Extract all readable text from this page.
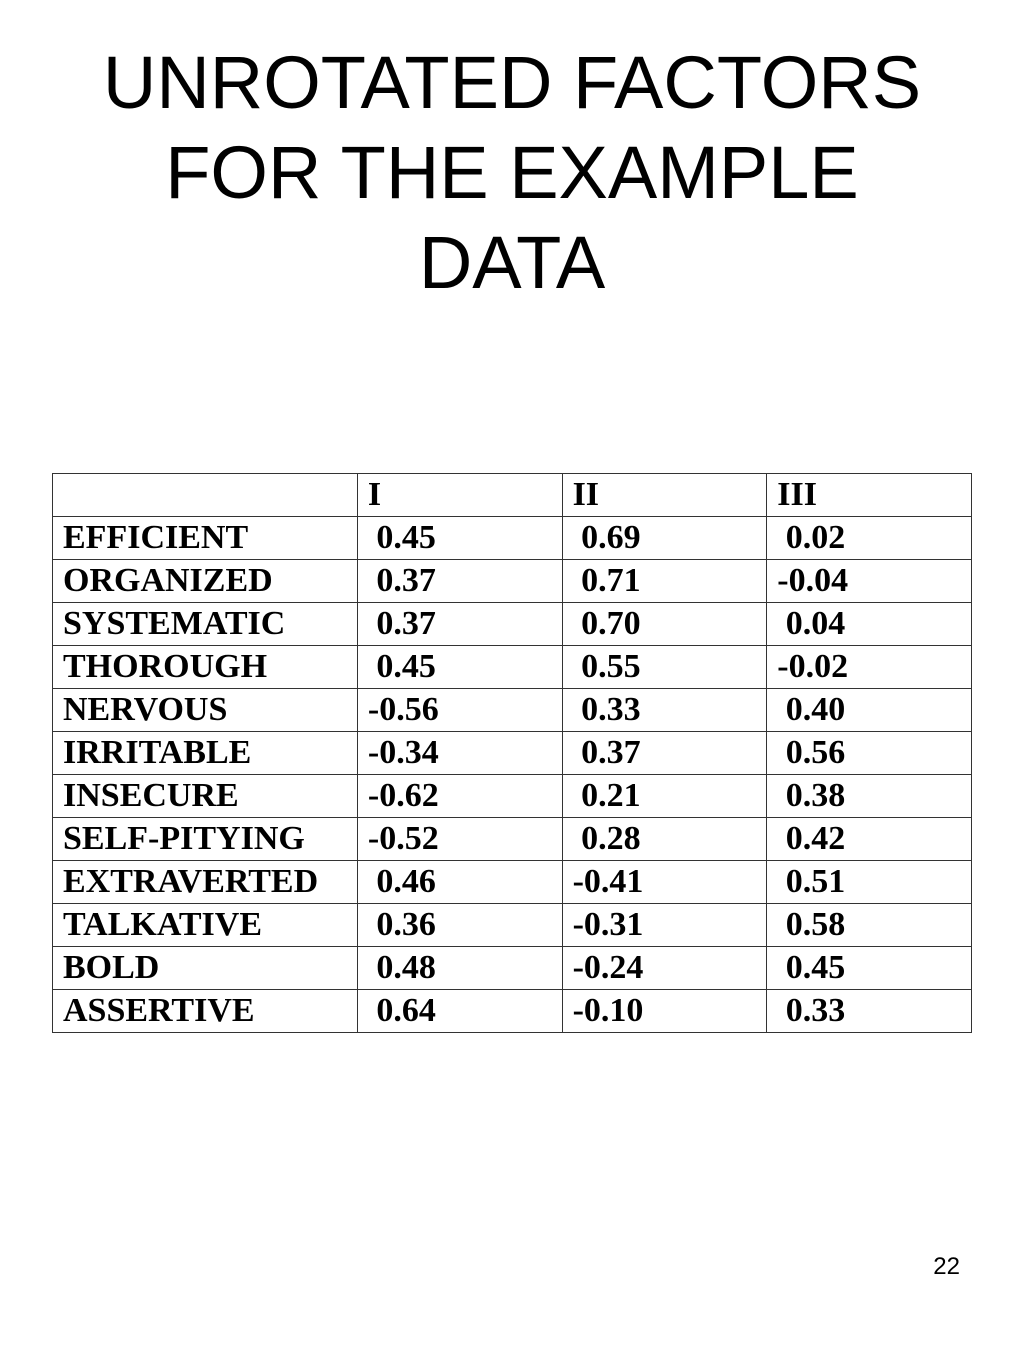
UNROTATED FACTORS
FOR THE EXAMPLE
DATA
	I	II	III
EFFICIENT	0.45	0.69	0.02
ORGANIZED	0.37	0.71	-0.04
SYSTEMATIC	0.37	0.70	0.04
THOROUGH	0.45	0.55	-0.02
NERVOUS	-0.56	0.33	0.40
IRRITABLE	-0.34	0.37	0.56
INSECURE	-0.62	0.21	0.38
SELF-PITYING	-0.52	0.28	0.42
EXTRAVERTED	0.46	-0.41	0.51
TALKATIVE	0.36	-0.31	0.58
BOLD	0.48	-0.24	0.45
ASSERTIVE	0.64	-0.10	0.33
22
